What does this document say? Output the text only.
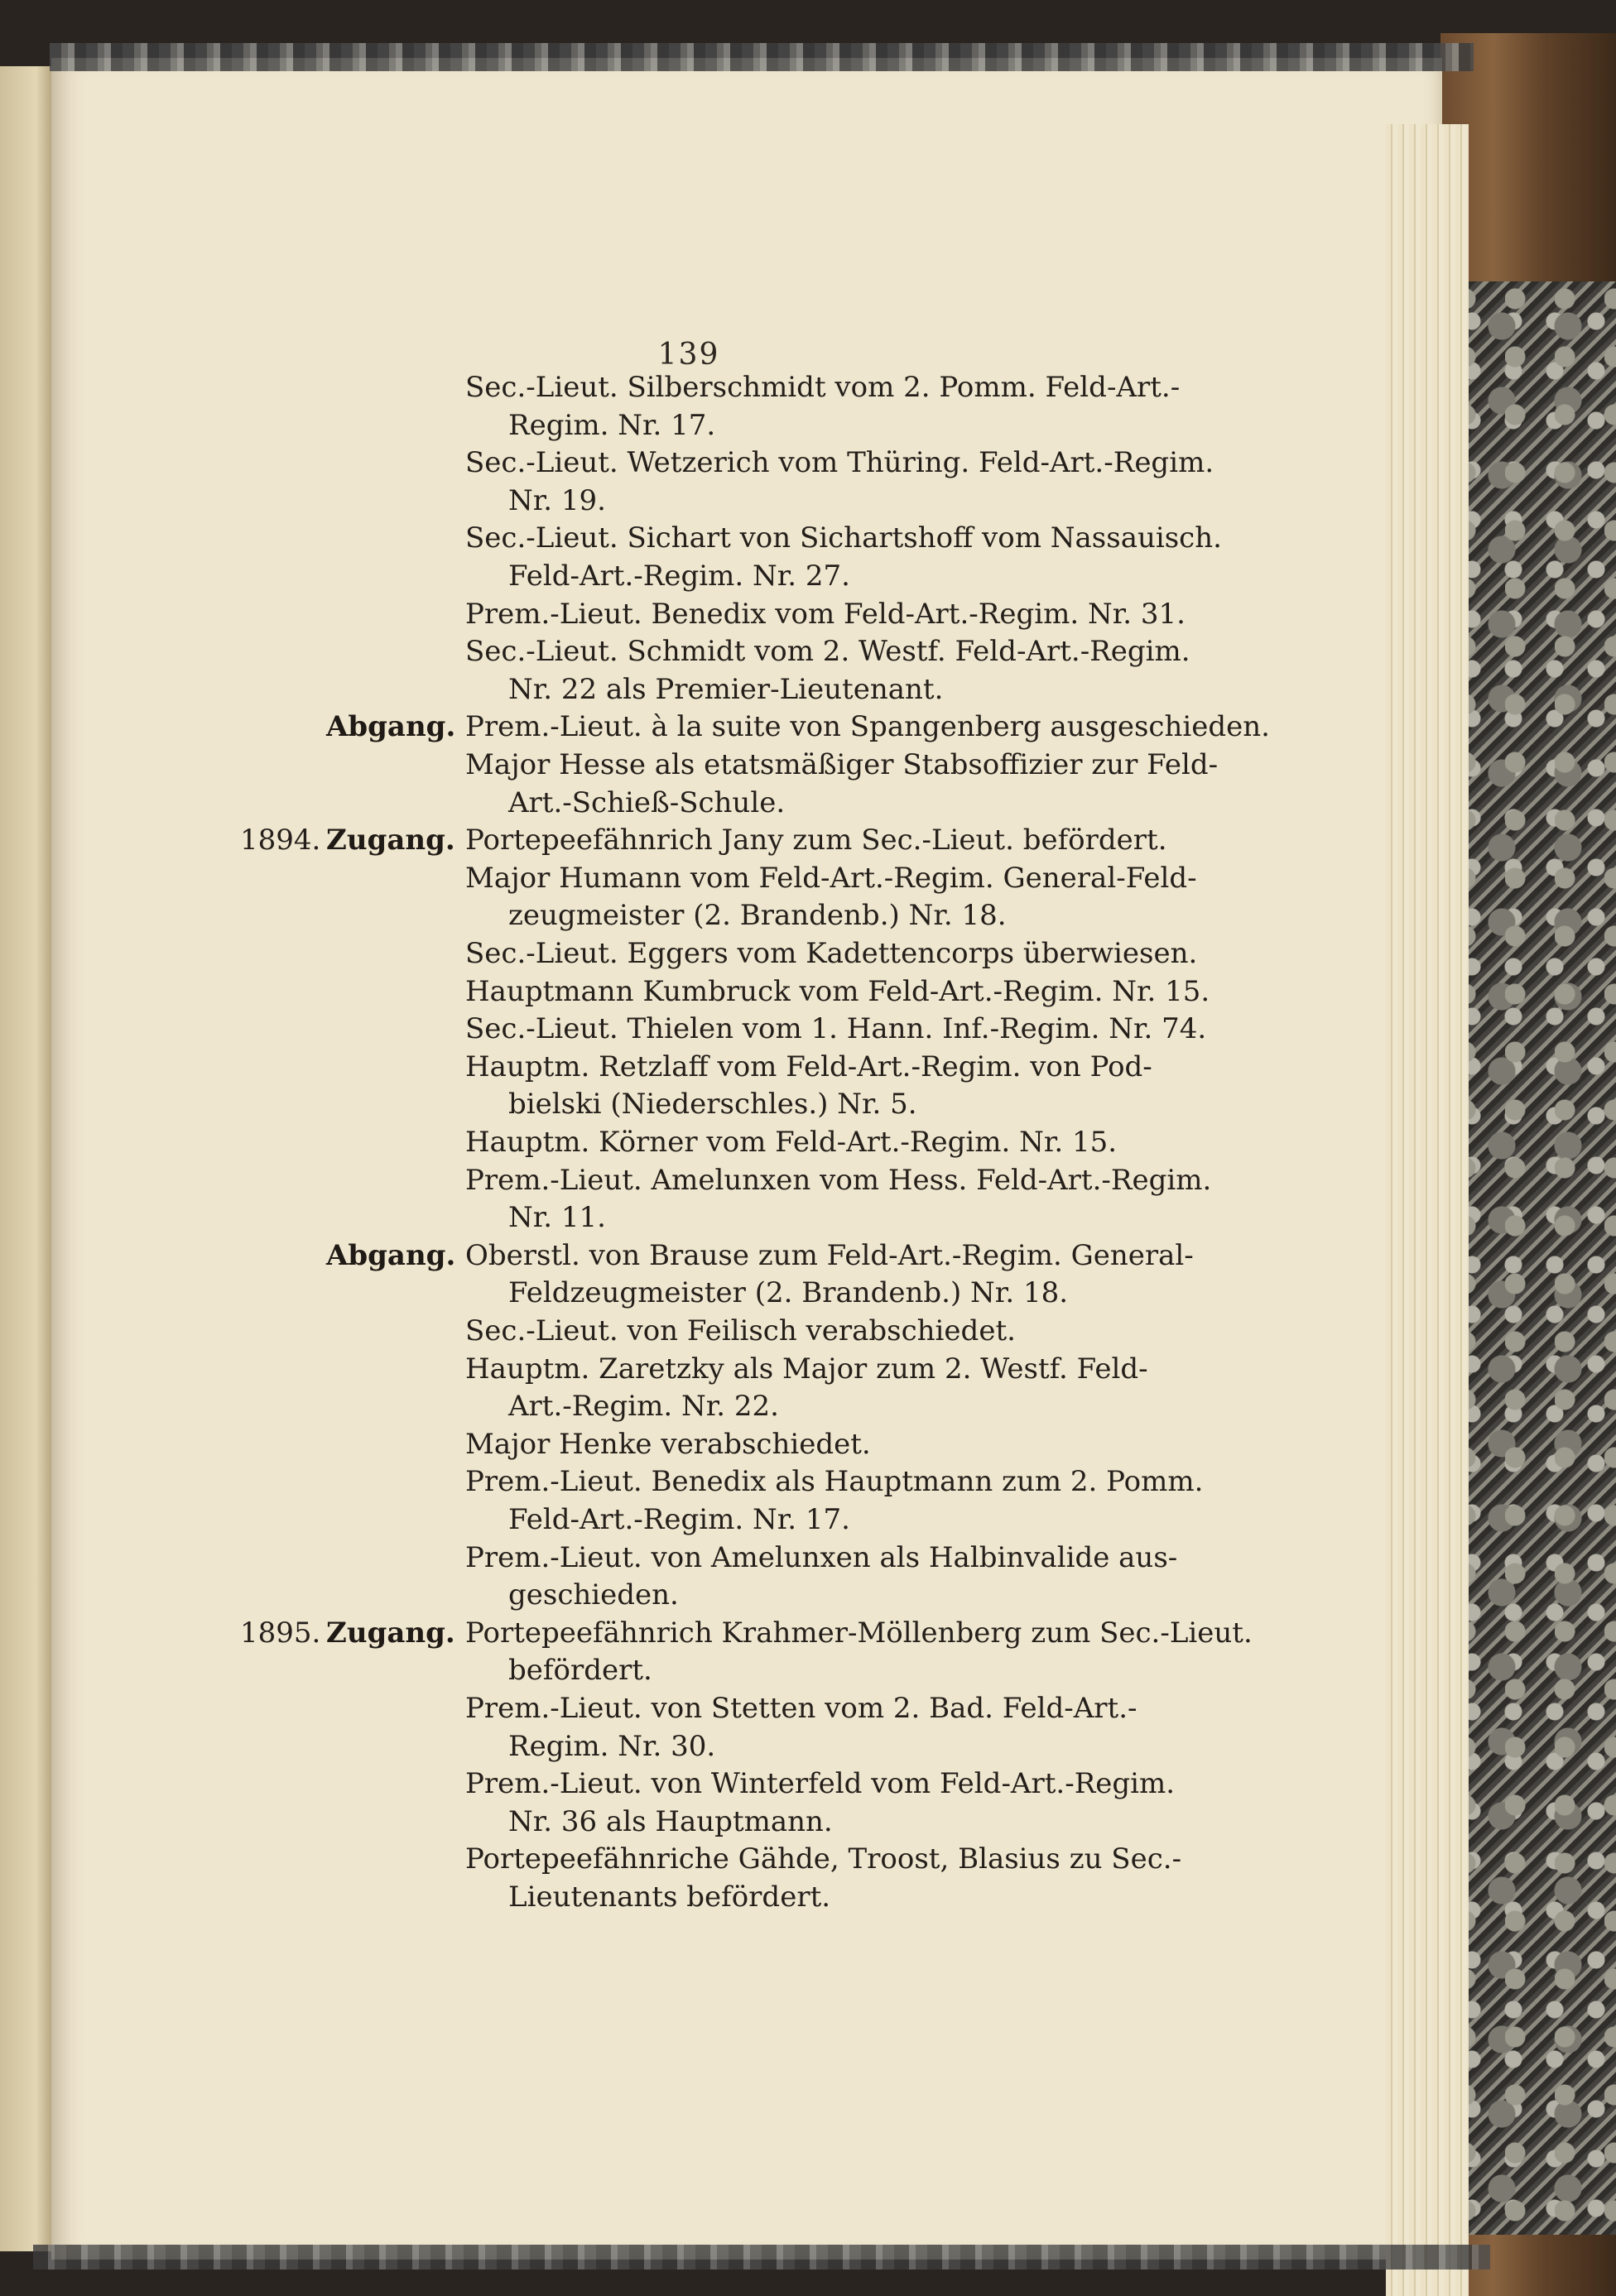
139
Sec.-Lieut. Silberschmidt vom 2. Pomm. Feld-Art.-
Regim. Nr. 17.
Sec.-Lieut. Wetzerich vom Thüring. Feld-Art.-Regim.
Nr. 19.
Sec.-Lieut. Sichart von Sichartshoff vom Nassauisch.
Feld-Art.-Regim. Nr. 27.
Prem.-Lieut. Benedix vom Feld-Art.-Regim. Nr. 31.
Sec.-Lieut. Schmidt vom 2. Westf. Feld-Art.-Regim.
Nr. 22 als Premier-Lieutenant.
Abgang. Prem.-Lieut. à la suite von Spangenberg ausgeschieden.
Major Hesse als etatsmäßiger Stabsoffizier zur Feld-
Art.-Schieß-Schule.
1894. Zugang. Portepeefähnrich Jany zum Sec.-Lieut. befördert.
Major Humann vom Feld-Art.-Regim. General-Feld-
zeugmeister (2. Brandenb.) Nr. 18.
Sec.-Lieut. Eggers vom Kadettencorps überwiesen.
Hauptmann Kumbruck vom Feld-Art.-Regim. Nr. 15.
Sec.-Lieut. Thielen vom 1. Hann. Inf.-Regim. Nr. 74.
Hauptm. Retzlaff vom Feld-Art.-Regim. von Pod-
bielski (Niederschles.) Nr. 5.
Hauptm. Körner vom Feld-Art.-Regim. Nr. 15.
Prem.-Lieut. Amelunxen vom Hess. Feld-Art.-Regim.
Nr. 11.
Abgang. Oberstl. von Brause zum Feld-Art.-Regim. General-
Feldzeugmeister (2. Brandenb.) Nr. 18.
Sec.-Lieut. von Feilisch verabschiedet.
Hauptm. Zaretzky als Major zum 2. Westf. Feld-
Art.-Regim. Nr. 22.
Major Henke verabschiedet.
Prem.-Lieut. Benedix als Hauptmann zum 2. Pomm.
Feld-Art.-Regim. Nr. 17.
Prem.-Lieut. von Amelunxen als Halbinvalide aus-
geschieden.
1895. Zugang. Portepeefähnrich Krahmer-Möllenberg zum Sec.-Lieut.
befördert.
Prem.-Lieut. von Stetten vom 2. Bad. Feld-Art.-
Regim. Nr. 30.
Prem.-Lieut. von Winterfeld vom Feld-Art.-Regim.
Nr. 36 als Hauptmann.
Portepeefähnriche Gähde, Troost, Blasius zu Sec.-
Lieutenants befördert.
